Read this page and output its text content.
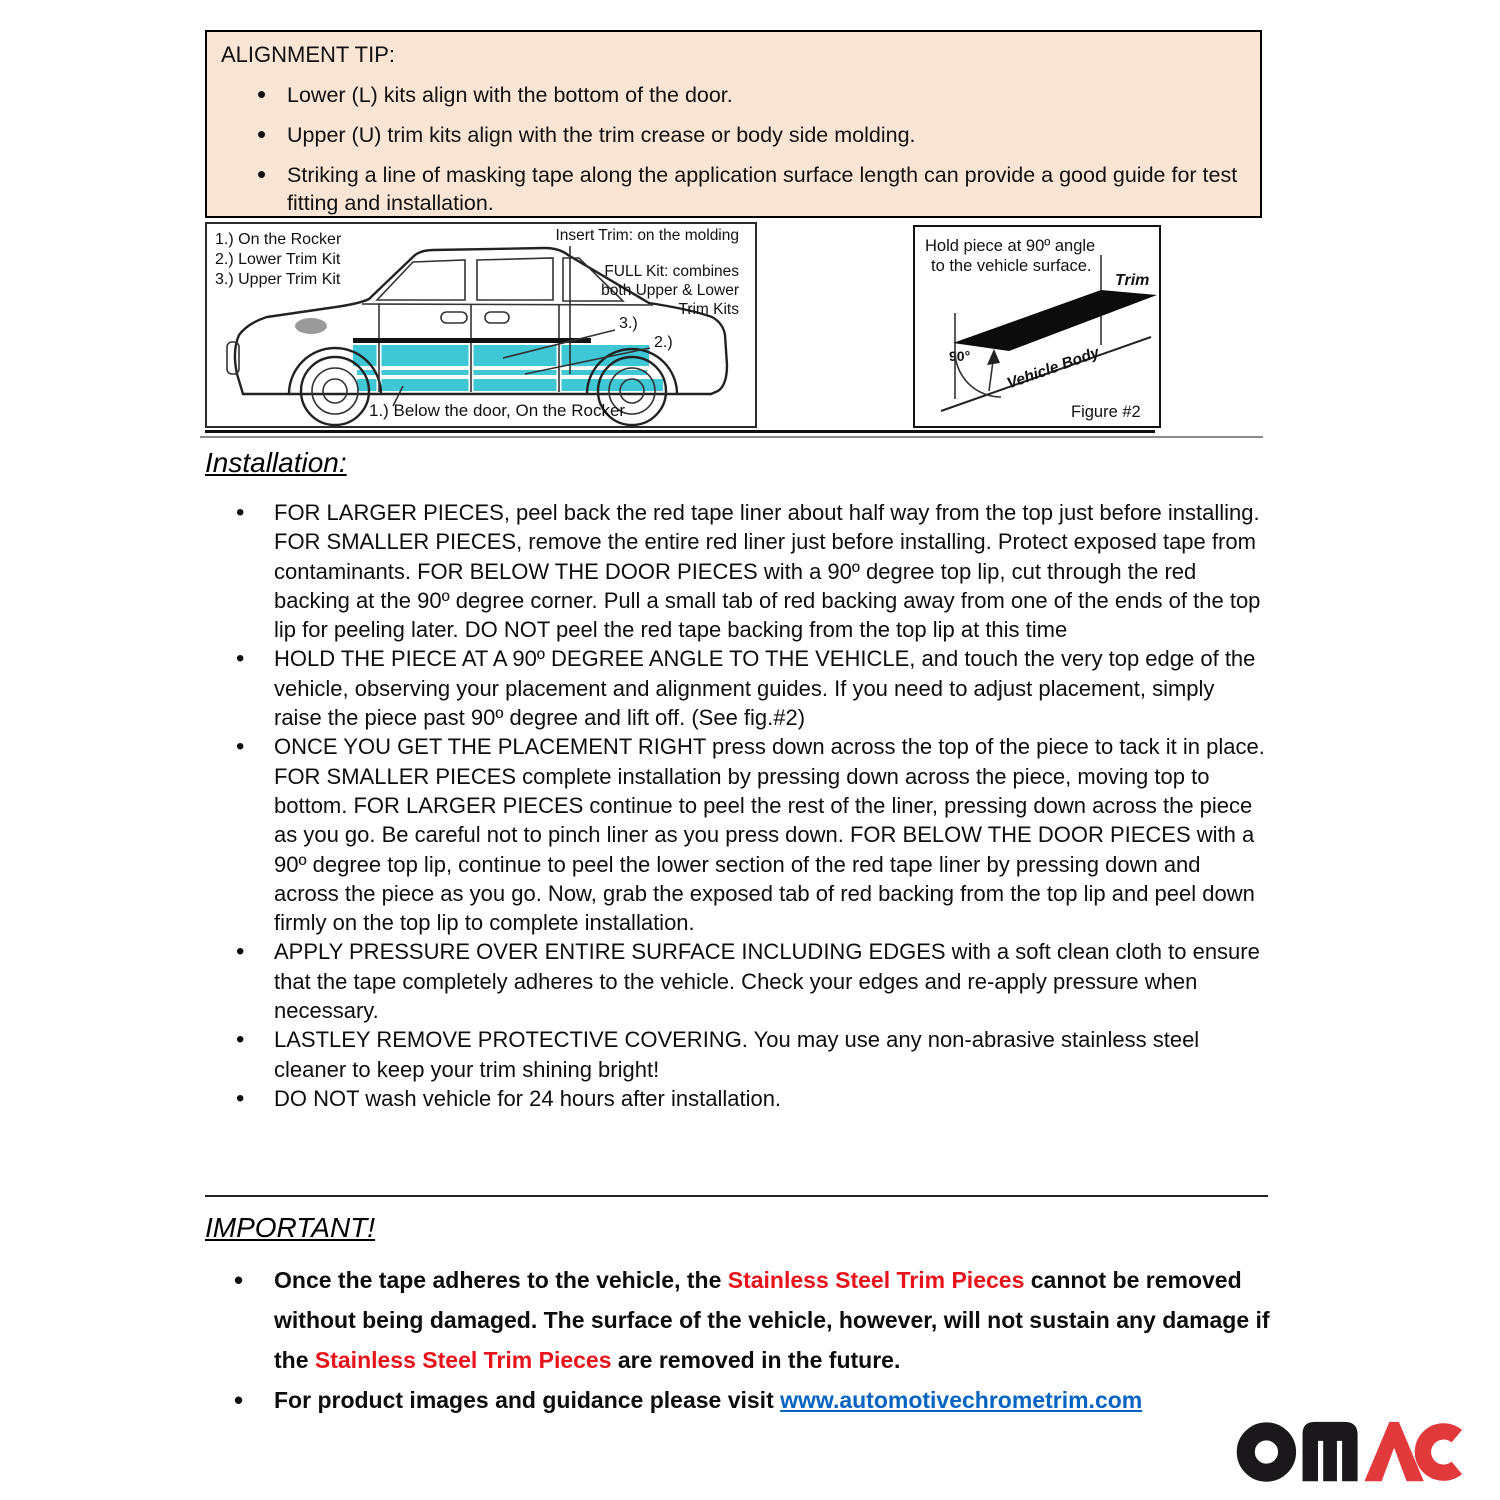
ALIGNMENT TIP:
• Lower (L) kits align with the bottom of the door.
• Upper (U) trim kits align with the trim crease or body side molding.
• Striking a line of masking tape along the application surface length can provide a good guide for test fitting and installation.
1.) On the Rocker
2.) Lower Trim Kit
3.) Upper Trim Kit
Insert Trim: on the molding
FULL Kit: combines
both Upper & Lower
Trim Kits
3.)
2.)
1.) Below the door, On the Rocker
Hold piece at 90º angle
to the vehicle surface.
Trim
Vehicle Body
90°
Figure #2
Installation:
• FOR LARGER PIECES, peel back the red tape liner about half way from the top just before installing. FOR SMALLER PIECES, remove the entire red liner just before installing. Protect exposed tape from contaminants. FOR BELOW THE DOOR PIECES with a 90º degree top lip, cut through the red backing at the 90º degree corner. Pull a small tab of red backing away from one of the ends of the top lip for peeling later. DO NOT peel the red tape backing from the top lip at this time
• HOLD THE PIECE AT A 90º DEGREE ANGLE TO THE VEHICLE, and touch the very top edge of the vehicle, observing your placement and alignment guides. If you need to adjust placement, simply raise the piece past 90º degree and lift off. (See fig.#2)
• ONCE YOU GET THE PLACEMENT RIGHT press down across the top of the piece to tack it in place. FOR SMALLER PIECES complete installation by pressing down across the piece, moving top to bottom. FOR LARGER PIECES continue to peel the rest of the liner, pressing down across the piece as you go. Be careful not to pinch liner as you press down. FOR BELOW THE DOOR PIECES with a 90º degree top lip, continue to peel the lower section of the red tape liner by pressing down and across the piece as you go. Now, grab the exposed tab of red backing from the top lip and peel down firmly on the top lip to complete installation.
• APPLY PRESSURE OVER ENTIRE SURFACE INCLUDING EDGES with a soft clean cloth to ensure that the tape completely adheres to the vehicle. Check your edges and re-apply pressure when necessary.
• LASTLEY REMOVE PROTECTIVE COVERING. You may use any non-abrasive stainless steel cleaner to keep your trim shining bright!
• DO NOT wash vehicle for 24 hours after installation.
IMPORTANT!
• Once the tape adheres to the vehicle, the Stainless Steel Trim Pieces cannot be removed without being damaged. The surface of the vehicle, however, will not sustain any damage if the Stainless Steel Trim Pieces are removed in the future.
• For product images and guidance please visit www.automotivechrometrim.com
